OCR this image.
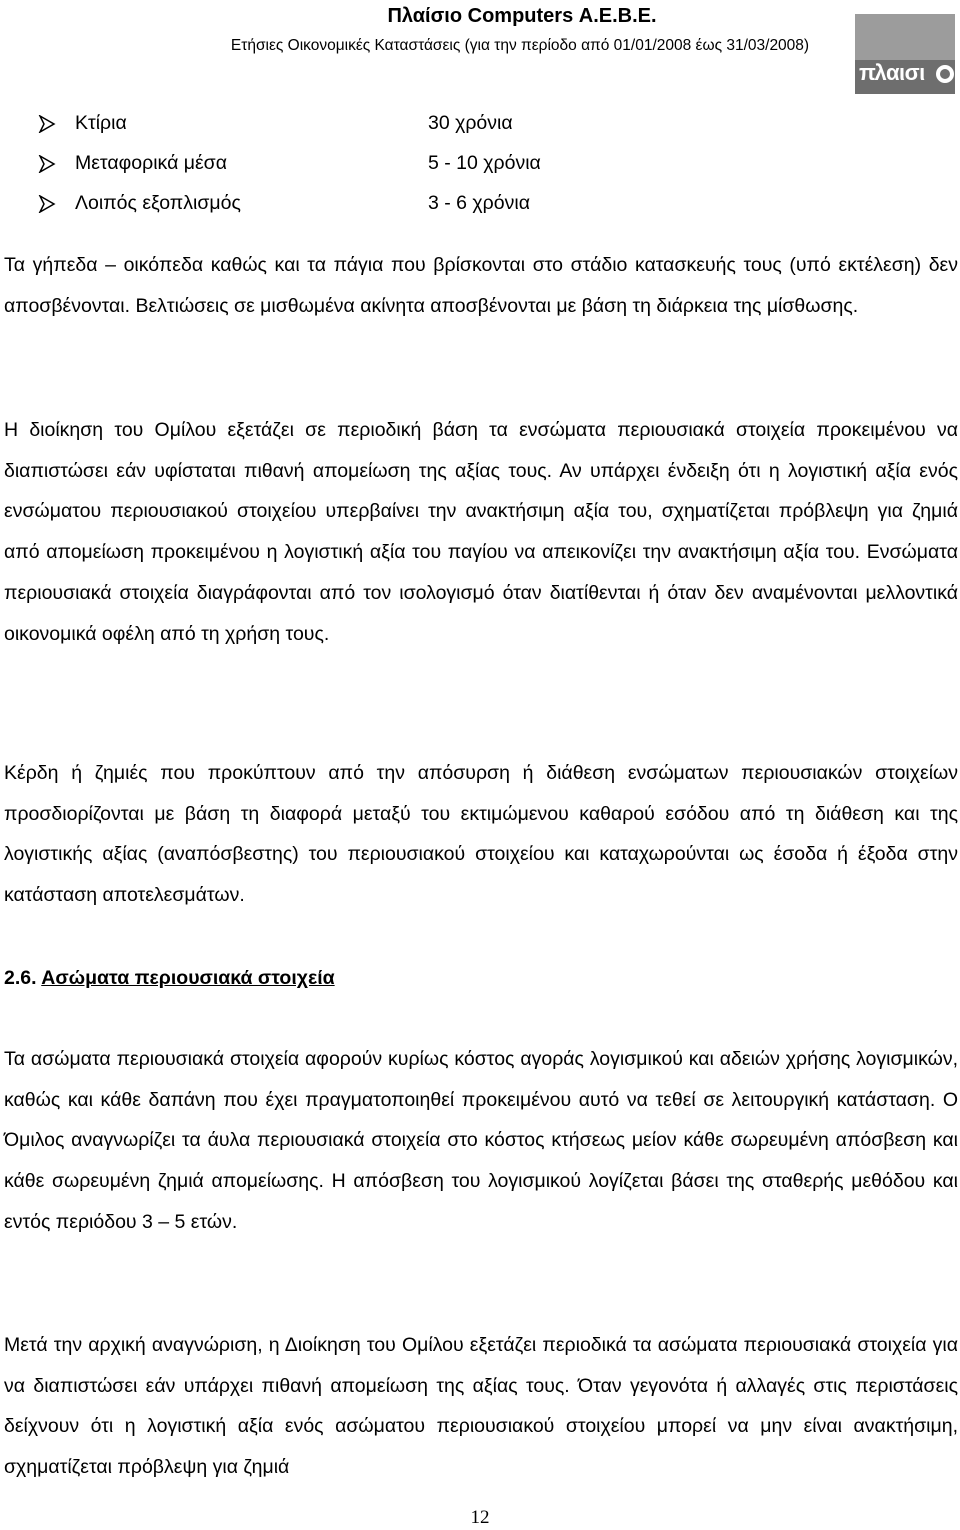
Πλαίσιο Computers Α.Ε.Β.Ε.
Ετήσιες Οικονομικές Καταστάσεις (για την περίοδο από 01/01/2008 έως 31/03/2008)
πλαισι
Κτίρια	30 χρόνια
Μεταφορικά μέσα	5 - 10 χρόνια
Λοιπός εξοπλισμός	3 - 6 χρόνια

Τα γήπεδα – οικόπεδα καθώς και τα πάγια που βρίσκονται στο στάδιο κατασκευής τους (υπό εκτέλεση) δεν αποσβένονται. Βελτιώσεις σε μισθωμένα ακίνητα αποσβένονται με βάση τη διάρκεια της μίσθωσης.

Η διοίκηση του Ομίλου εξετάζει σε περιοδική βάση τα ενσώματα περιουσιακά στοιχεία προκειμένου να διαπιστώσει εάν υφίσταται πιθανή απομείωση της αξίας τους. Αν υπάρχει ένδειξη ότι η λογιστική αξία ενός ενσώματου περιουσιακού στοιχείου υπερβαίνει την ανακτήσιμη αξία του, σχηματίζεται πρόβλεψη για ζημιά από απομείωση προκειμένου η λογιστική αξία του παγίου να απεικονίζει την ανακτήσιμη αξία του. Ενσώματα περιουσιακά στοιχεία διαγράφονται από τον ισολογισμό όταν διατίθενται ή όταν δεν αναμένονται μελλοντικά οικονομικά οφέλη από τη χρήση τους.

Κέρδη ή ζημιές που προκύπτουν από την απόσυρση ή διάθεση ενσώματων περιουσιακών στοιχείων προσδιορίζονται με βάση τη διαφορά μεταξύ του εκτιμώμενου καθαρού εσόδου από τη διάθεση και της λογιστικής αξίας (αναπόσβεστης) του περιουσιακού στοιχείου και καταχωρούνται ως έσοδα ή έξοδα στην κατάσταση αποτελεσμάτων.

2.6. Ασώματα περιουσιακά στοιχεία

Τα ασώματα περιουσιακά στοιχεία αφορούν κυρίως κόστος αγοράς λογισμικού και αδειών χρήσης λογισμικών, καθώς και κάθε δαπάνη που έχει πραγματοποιηθεί προκειμένου αυτό να τεθεί σε λειτουργική κατάσταση. Ο Όμιλος αναγνωρίζει τα άυλα περιουσιακά στοιχεία στο κόστος κτήσεως μείον κάθε σωρευμένη απόσβεση και κάθε σωρευμένη ζημιά απομείωσης. Η απόσβεση του λογισμικού λογίζεται βάσει της σταθερής μεθόδου και εντός περιόδου 3 – 5 ετών.

Μετά την αρχική αναγνώριση, η Διοίκηση του Ομίλου εξετάζει περιοδικά τα ασώματα περιουσιακά στοιχεία για να διαπιστώσει εάν υπάρχει πιθανή απομείωση της αξίας τους. Όταν γεγονότα ή αλλαγές στις περιστάσεις δείχνουν ότι η λογιστική αξία ενός ασώματου περιουσιακού στοιχείου μπορεί να μην είναι ανακτήσιμη, σχηματίζεται πρόβλεψη για ζημιά

12
